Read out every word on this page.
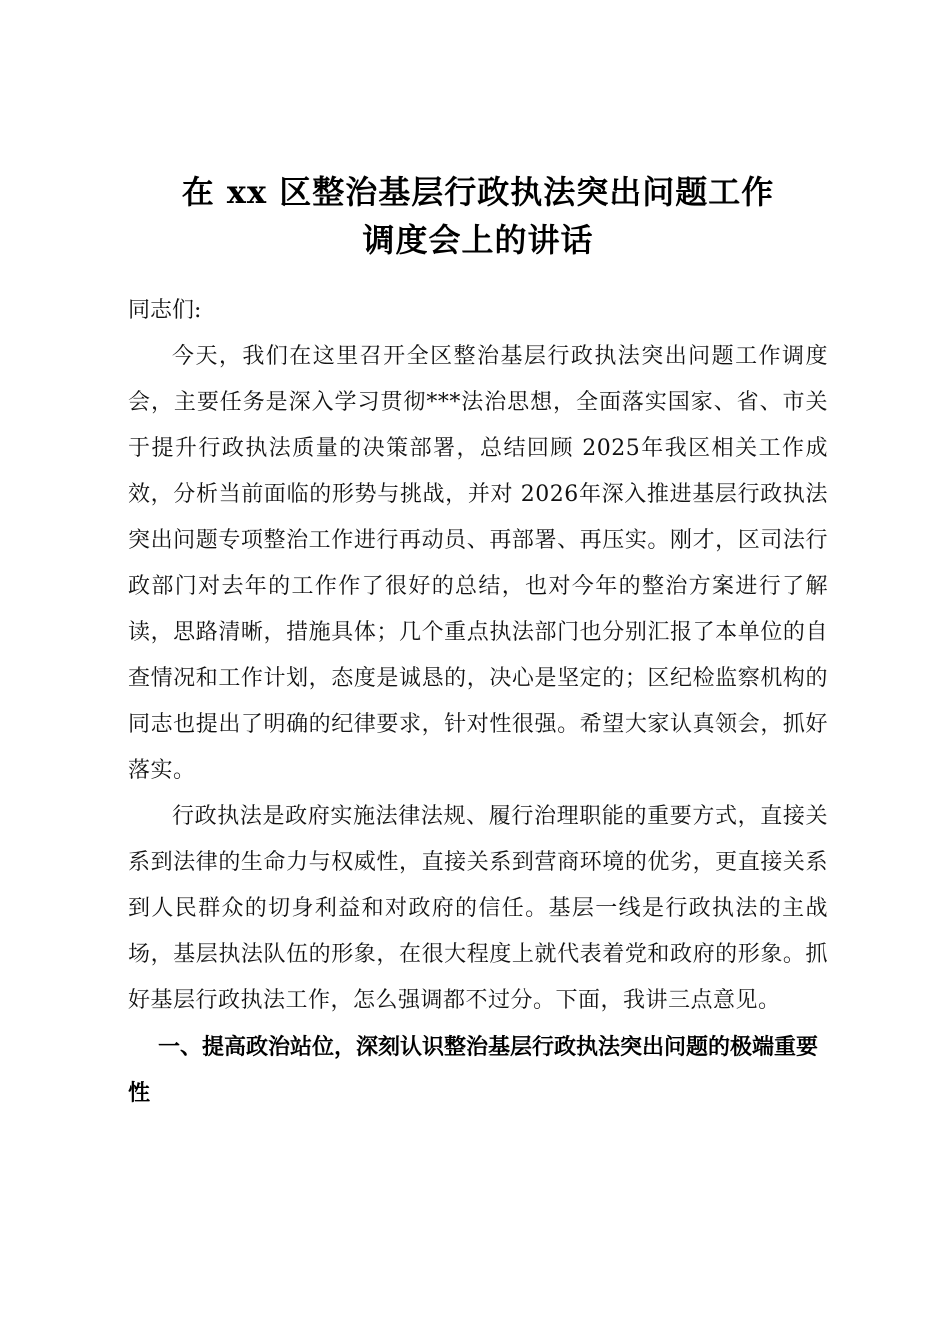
在 xx 区整治基层行政执法突出问题工作
调度会上的讲话

同志们:

今天，我们在这里召开全区整治基层行政执法突出问题工作调度会，主要任务是深入学习贯彻***法治思想，全面落实国家、省、市关于提升行政执法质量的决策部署，总结回顾 2025年我区相关工作成效，分析当前面临的形势与挑战，并对 2026年深入推进基层行政执法突出问题专项整治工作进行再动员、再部署、再压实。刚才，区司法行政部门对去年的工作作了很好的总结，也对今年的整治方案进行了解读，思路清晰，措施具体；几个重点执法部门也分别汇报了本单位的自查情况和工作计划，态度是诚恳的，决心是坚定的；区纪检监察机构的同志也提出了明确的纪律要求，针对性很强。希望大家认真领会，抓好落实。

行政执法是政府实施法律法规、履行治理职能的重要方式，直接关系到法律的生命力与权威性，直接关系到营商环境的优劣，更直接关系到人民群众的切身利益和对政府的信任。基层一线是行政执法的主战场，基层执法队伍的形象，在很大程度上就代表着党和政府的形象。抓好基层行政执法工作，怎么强调都不过分。下面，我讲三点意见。

一、提高政治站位，深刻认识整治基层行政执法突出问题的极端重要性
